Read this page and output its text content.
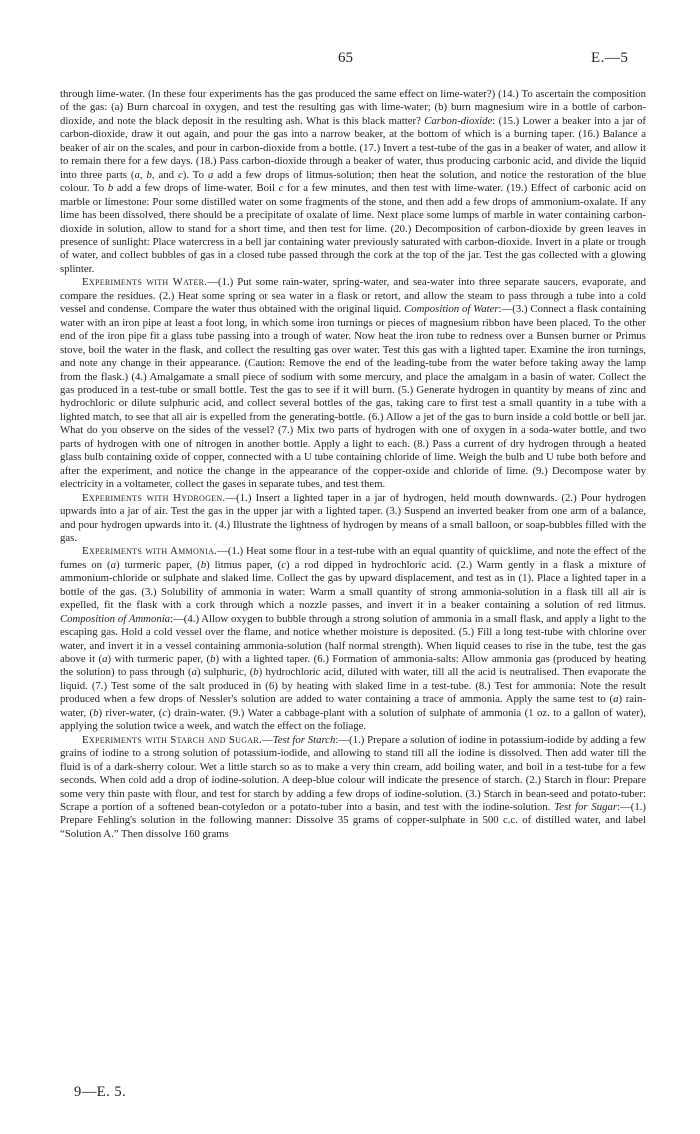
65	E.—5

through lime-water. (In these four experiments has the gas produced the same effect on lime-water?) (14.) To ascertain the composition of the gas: (a) Burn charcoal in oxygen, and test the resulting gas with lime-water; (b) burn magnesium wire in a bottle of carbon-dioxide, and note the black deposit in the resulting ash. What is this black matter? Carbon-dioxide: (15.) Lower a beaker into a jar of carbon-dioxide, draw it out again, and pour the gas into a narrow beaker, at the bottom of which is a burning taper. (16.) Balance a beaker of air on the scales, and pour in carbon-dioxide from a bottle. (17.) Invert a test-tube of the gas in a beaker of water, and allow it to remain there for a few days. (18.) Pass carbon-dioxide through a beaker of water, thus producing carbonic acid, and divide the liquid into three parts (a, b, and c). To a add a few drops of litmus-solution; then heat the solution, and notice the restoration of the blue colour. To b add a few drops of lime-water. Boil c for a few minutes, and then test with lime-water. (19.) Effect of carbonic acid on marble or limestone: Pour some distilled water on some fragments of the stone, and then add a few drops of ammonium-oxalate. If any lime has been dissolved, there should be a precipitate of oxalate of lime. Next place some lumps of marble in water containing carbon-dioxide in solution, allow to stand for a short time, and then test for lime. (20.) Decomposition of carbon-dioxide by green leaves in presence of sunlight: Place watercress in a bell jar containing water previously saturated with carbon-dioxide. Invert in a plate or trough of water, and collect bubbles of gas in a closed tube passed through the cork at the top of the jar. Test the gas collected with a glowing splinter.

Experiments with Water.—(1.) Put some rain-water, spring-water, and sea-water into three separate saucers, evaporate, and compare the residues. (2.) Heat some spring or sea water in a flask or retort, and allow the steam to pass through a tube into a cold vessel and condense. Compare the water thus obtained with the original liquid. Composition of Water:—(3.) Connect a flask containing water with an iron pipe at least a foot long, in which some iron turnings or pieces of magnesium ribbon have been placed. To the other end of the iron pipe fit a glass tube passing into a trough of water. Now heat the iron tube to redness over a Bunsen burner or Primus stove, boil the water in the flask, and collect the resulting gas over water. Test this gas with a lighted taper. Examine the iron turnings, and note any change in their appearance. (Caution: Remove the end of the leading-tube from the water before taking away the lamp from the flask.) (4.) Amalgamate a small piece of sodium with some mercury, and place the amalgam in a basin of water. Collect the gas produced in a test-tube or small bottle. Test the gas to see if it will burn. (5.) Generate hydrogen in quantity by means of zinc and hydrochloric or dilute sulphuric acid, and collect several bottles of the gas, taking care to first test a small quantity in a tube with a lighted match, to see that all air is expelled from the generating-bottle. (6.) Allow a jet of the gas to burn inside a cold bottle or bell jar. What do you observe on the sides of the vessel? (7.) Mix two parts of hydrogen with one of oxygen in a soda-water bottle, and two parts of hydrogen with one of nitrogen in another bottle. Apply a light to each. (8.) Pass a current of dry hydrogen through a heated glass bulb containing oxide of copper, connected with a U tube containing chloride of lime. Weigh the bulb and U tube both before and after the experiment, and notice the change in the appearance of the copper-oxide and chloride of lime. (9.) Decompose water by electricity in a voltameter, collect the gases in separate tubes, and test them.

Experiments with Hydrogen.—(1.) Insert a lighted taper in a jar of hydrogen, held mouth downwards. (2.) Pour hydrogen upwards into a jar of air. Test the gas in the upper jar with a lighted taper. (3.) Suspend an inverted beaker from one arm of a balance, and pour hydrogen upwards into it. (4.) Illustrate the lightness of hydrogen by means of a small balloon, or soap-bubbles filled with the gas.

Experiments with Ammonia.—(1.) Heat some flour in a test-tube with an equal quantity of quicklime, and note the effect of the fumes on (a) turmeric paper, (b) litmus paper, (c) a rod dipped in hydrochloric acid. (2.) Warm gently in a flask a mixture of ammonium-chloride or sulphate and slaked lime. Collect the gas by upward displacement, and test as in (1). Place a lighted taper in a bottle of the gas. (3.) Solubility of ammonia in water: Warm a small quantity of strong ammonia-solution in a flask till all air is expelled, fit the flask with a cork through which a nozzle passes, and invert it in a beaker containing a solution of red litmus. Composition of Ammonia:—(4.) Allow oxygen to bubble through a strong solution of ammonia in a small flask, and apply a light to the escaping gas. Hold a cold vessel over the flame, and notice whether moisture is deposited. (5.) Fill a long test-tube with chlorine over water, and invert it in a vessel containing ammonia-solution (half normal strength). When liquid ceases to rise in the tube, test the gas above it (a) with turmeric paper, (b) with a lighted taper. (6.) Formation of ammonia-salts: Allow ammonia gas (produced by heating the solution) to pass through (a) sulphuric, (b) hydrochloric acid, diluted with water, till all the acid is neutralised. Then evaporate the liquid. (7.) Test some of the salt produced in (6) by heating with slaked lime in a test-tube. (8.) Test for ammonia: Note the result produced when a few drops of Nessler's solution are added to water containing a trace of ammonia. Apply the same test to (a) rain-water, (b) river-water, (c) drain-water. (9.) Water a cabbage-plant with a solution of sulphate of ammonia (1 oz. to a gallon of water), applying the solution twice a week, and watch the effect on the foliage.

Experiments with Starch and Sugar.—Test for Starch:—(1.) Prepare a solution of iodine in potassium-iodide by adding a few grains of iodine to a strong solution of potassium-iodide, and allowing to stand till all the iodine is dissolved. Then add water till the fluid is of a dark-sherry colour. Wet a little starch so as to make a very thin cream, add boiling water, and boil in a test-tube for a few seconds. When cold add a drop of iodine-solution. A deep-blue colour will indicate the presence of starch. (2.) Starch in flour: Prepare some very thin paste with flour, and test for starch by adding a few drops of iodine-solution. (3.) Starch in bean-seed and potato-tuber: Scrape a portion of a softened bean-cotyledon or a potato-tuber into a basin, and test with the iodine-solution. Test for Sugar:—(1.) Prepare Fehling's solution in the following manner: Dissolve 35 grams of copper-sulphate in 500 c.c. of distilled water, and label “Solution A.” Then dissolve 160 grams

9—E. 5.
